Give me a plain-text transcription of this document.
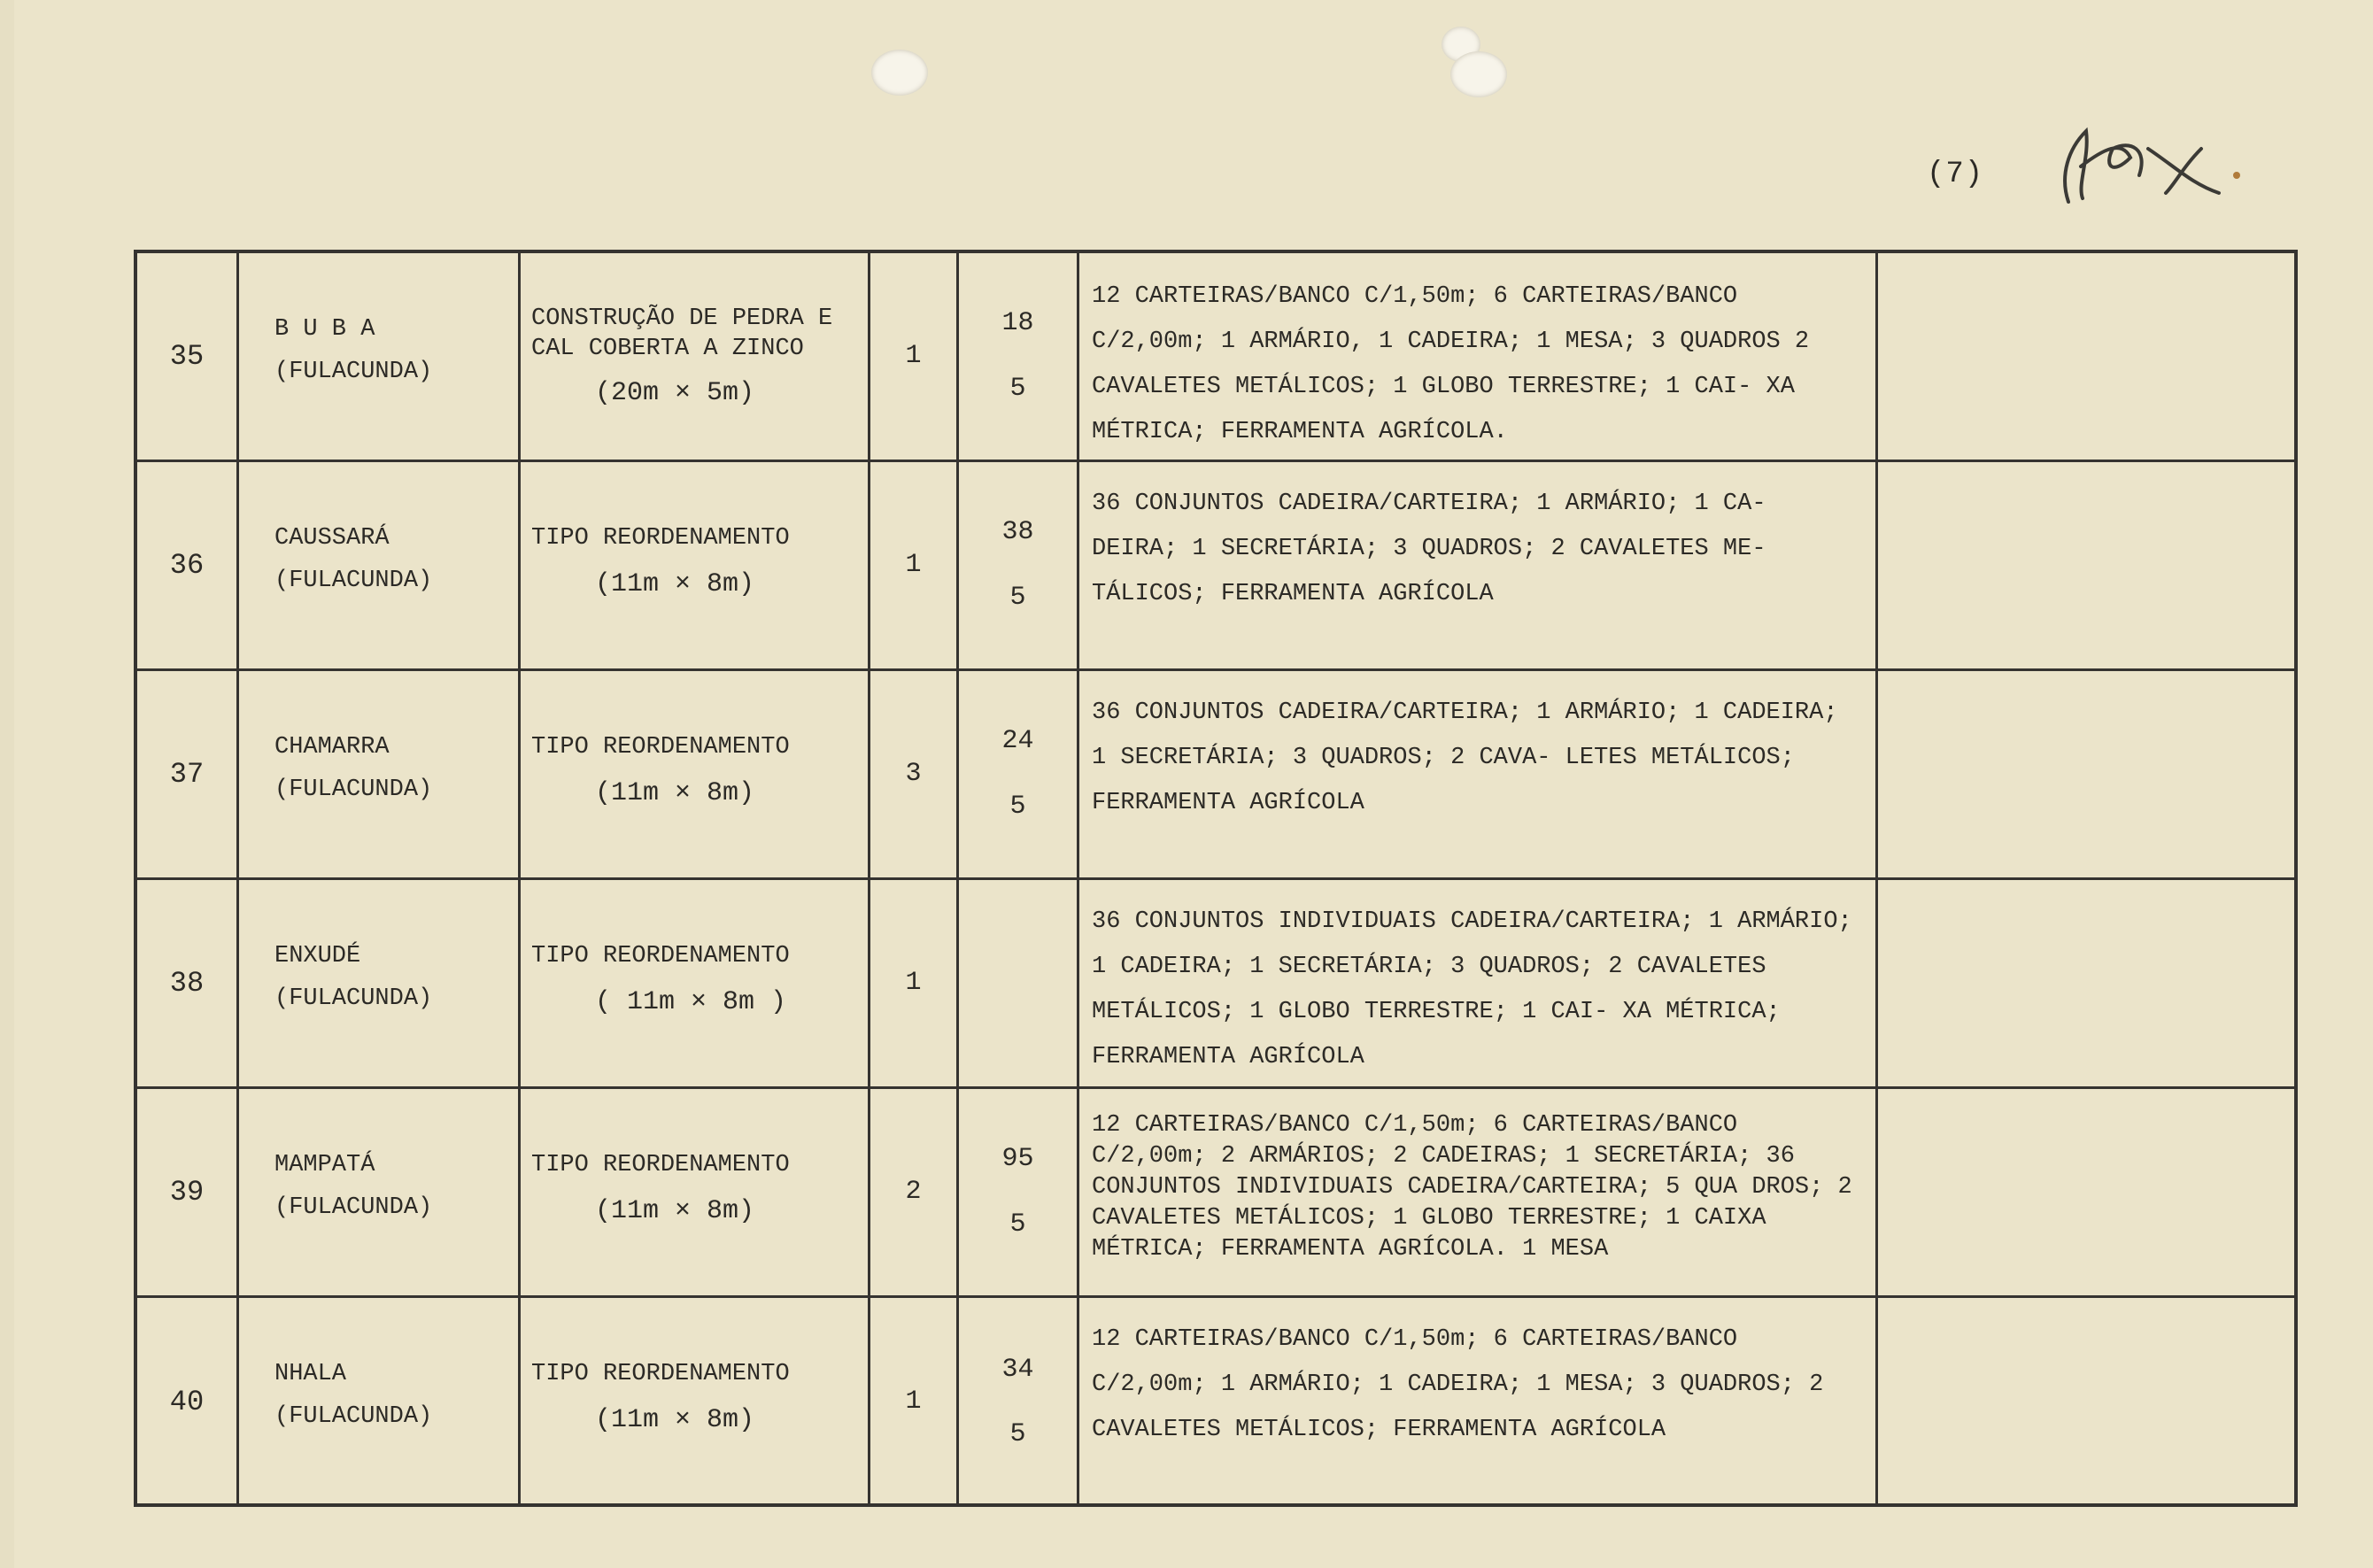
(7)
35
B U B A
(FULACUNDA)
CONSTRUÇÃO DE PEDRA E CAL COBERTA A ZINCO
(20m × 5m)
1
18
5
12 CARTEIRAS/BANCO C/1,50m; 6 CARTEIRAS/BANCO C/2,00m; 1 ARMÁRIO, 1 CADEIRA; 1 MESA; 3 QUADROS 2 CAVALETES METÁLICOS; 1 GLOBO TERRESTRE; 1 CAI- XA MÉTRICA; FERRAMENTA AGRÍCOLA.
36
CAUSSARÁ
(FULACUNDA)
TIPO REORDENAMENTO
(11m × 8m)
1
38
5
36 CONJUNTOS CADEIRA/CARTEIRA; 1 ARMÁRIO; 1 CA- DEIRA; 1 SECRETÁRIA; 3 QUADROS; 2 CAVALETES ME- TÁLICOS; FERRAMENTA AGRÍCOLA
37
CHAMARRA
(FULACUNDA)
TIPO REORDENAMENTO
(11m × 8m)
3
24
5
36 CONJUNTOS CADEIRA/CARTEIRA; 1 ARMÁRIO; 1 CADEIRA; 1 SECRETÁRIA; 3 QUADROS; 2 CAVA- LETES METÁLICOS; FERRAMENTA AGRÍCOLA
38
ENXUDÉ
(FULACUNDA)
TIPO REORDENAMENTO
( 11m × 8m )
1
36 CONJUNTOS INDIVIDUAIS CADEIRA/CARTEIRA; 1 ARMÁRIO; 1 CADEIRA; 1 SECRETÁRIA; 3 QUADROS; 2 CAVALETES METÁLICOS; 1 GLOBO TERRESTRE; 1 CAI- XA MÉTRICA; FERRAMENTA AGRÍCOLA
39
MAMPATÁ
(FULACUNDA)
TIPO REORDENAMENTO
(11m × 8m)
2
95
5
12 CARTEIRAS/BANCO C/1,50m; 6 CARTEIRAS/BANCO C/2,00m; 2 ARMÁRIOS; 2 CADEIRAS; 1 SECRETÁRIA; 36 CONJUNTOS INDIVIDUAIS CADEIRA/CARTEIRA; 5 QUA DROS; 2 CAVALETES METÁLICOS; 1 GLOBO TERRESTRE; 1 CAIXA MÉTRICA; FERRAMENTA AGRÍCOLA. 1 MESA
40
NHALA
(FULACUNDA)
TIPO REORDENAMENTO
(11m × 8m)
1
34
5
12 CARTEIRAS/BANCO C/1,50m; 6 CARTEIRAS/BANCO C/2,00m; 1 ARMÁRIO; 1 CADEIRA; 1 MESA; 3 QUADROS; 2 CAVALETES METÁLICOS; FERRAMENTA AGRÍCOLA
